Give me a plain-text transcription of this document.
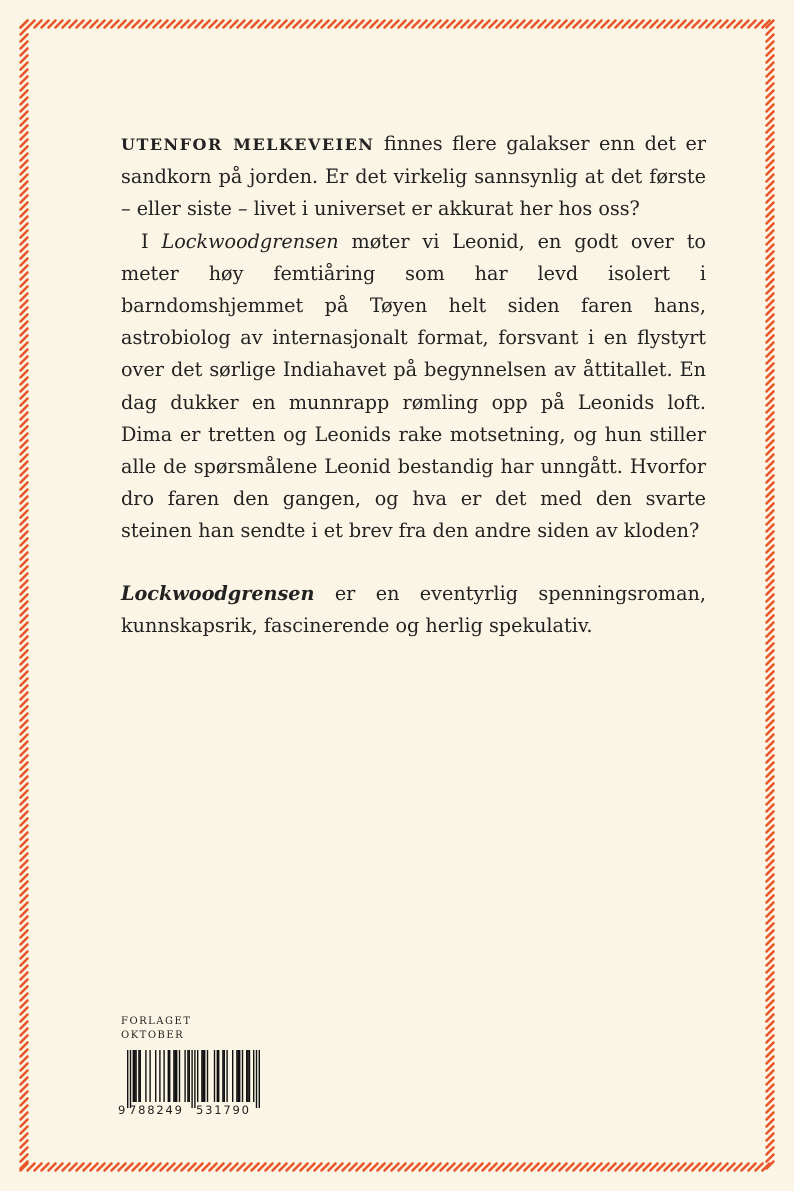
UTENFOR MELKEVEIEN finnes flere galakser enn det er sandkorn på jorden. Er det virkelig sannsynlig at det første – eller siste – livet i universet er akkurat her hos oss?

I Lockwoodgrensen møter vi Leonid, en godt over to meter høy femtiåring som har levd isolert i barndomshjemmet på Tøyen helt siden faren hans, astrobiolog av internasjonalt format, forsvant i en flystyrt over det sørlige Indiahavet på begynnelsen av åttitallet. En dag dukker en munnrapp rømling opp på Leonids loft. Dima er tretten og Leonids rake motsetning, og hun stiller alle de spørsmålene Leonid bestandig har unngått. Hvorfor dro faren den gangen, og hva er det med den svarte steinen han sendte i et brev fra den andre siden av kloden?

Lockwoodgrensen er en eventyrlig spenningsroman, kunnskapsrik, fascinerende og herlig spekulativ.

FORLAGET
OKTOBER
9 788249 531790
